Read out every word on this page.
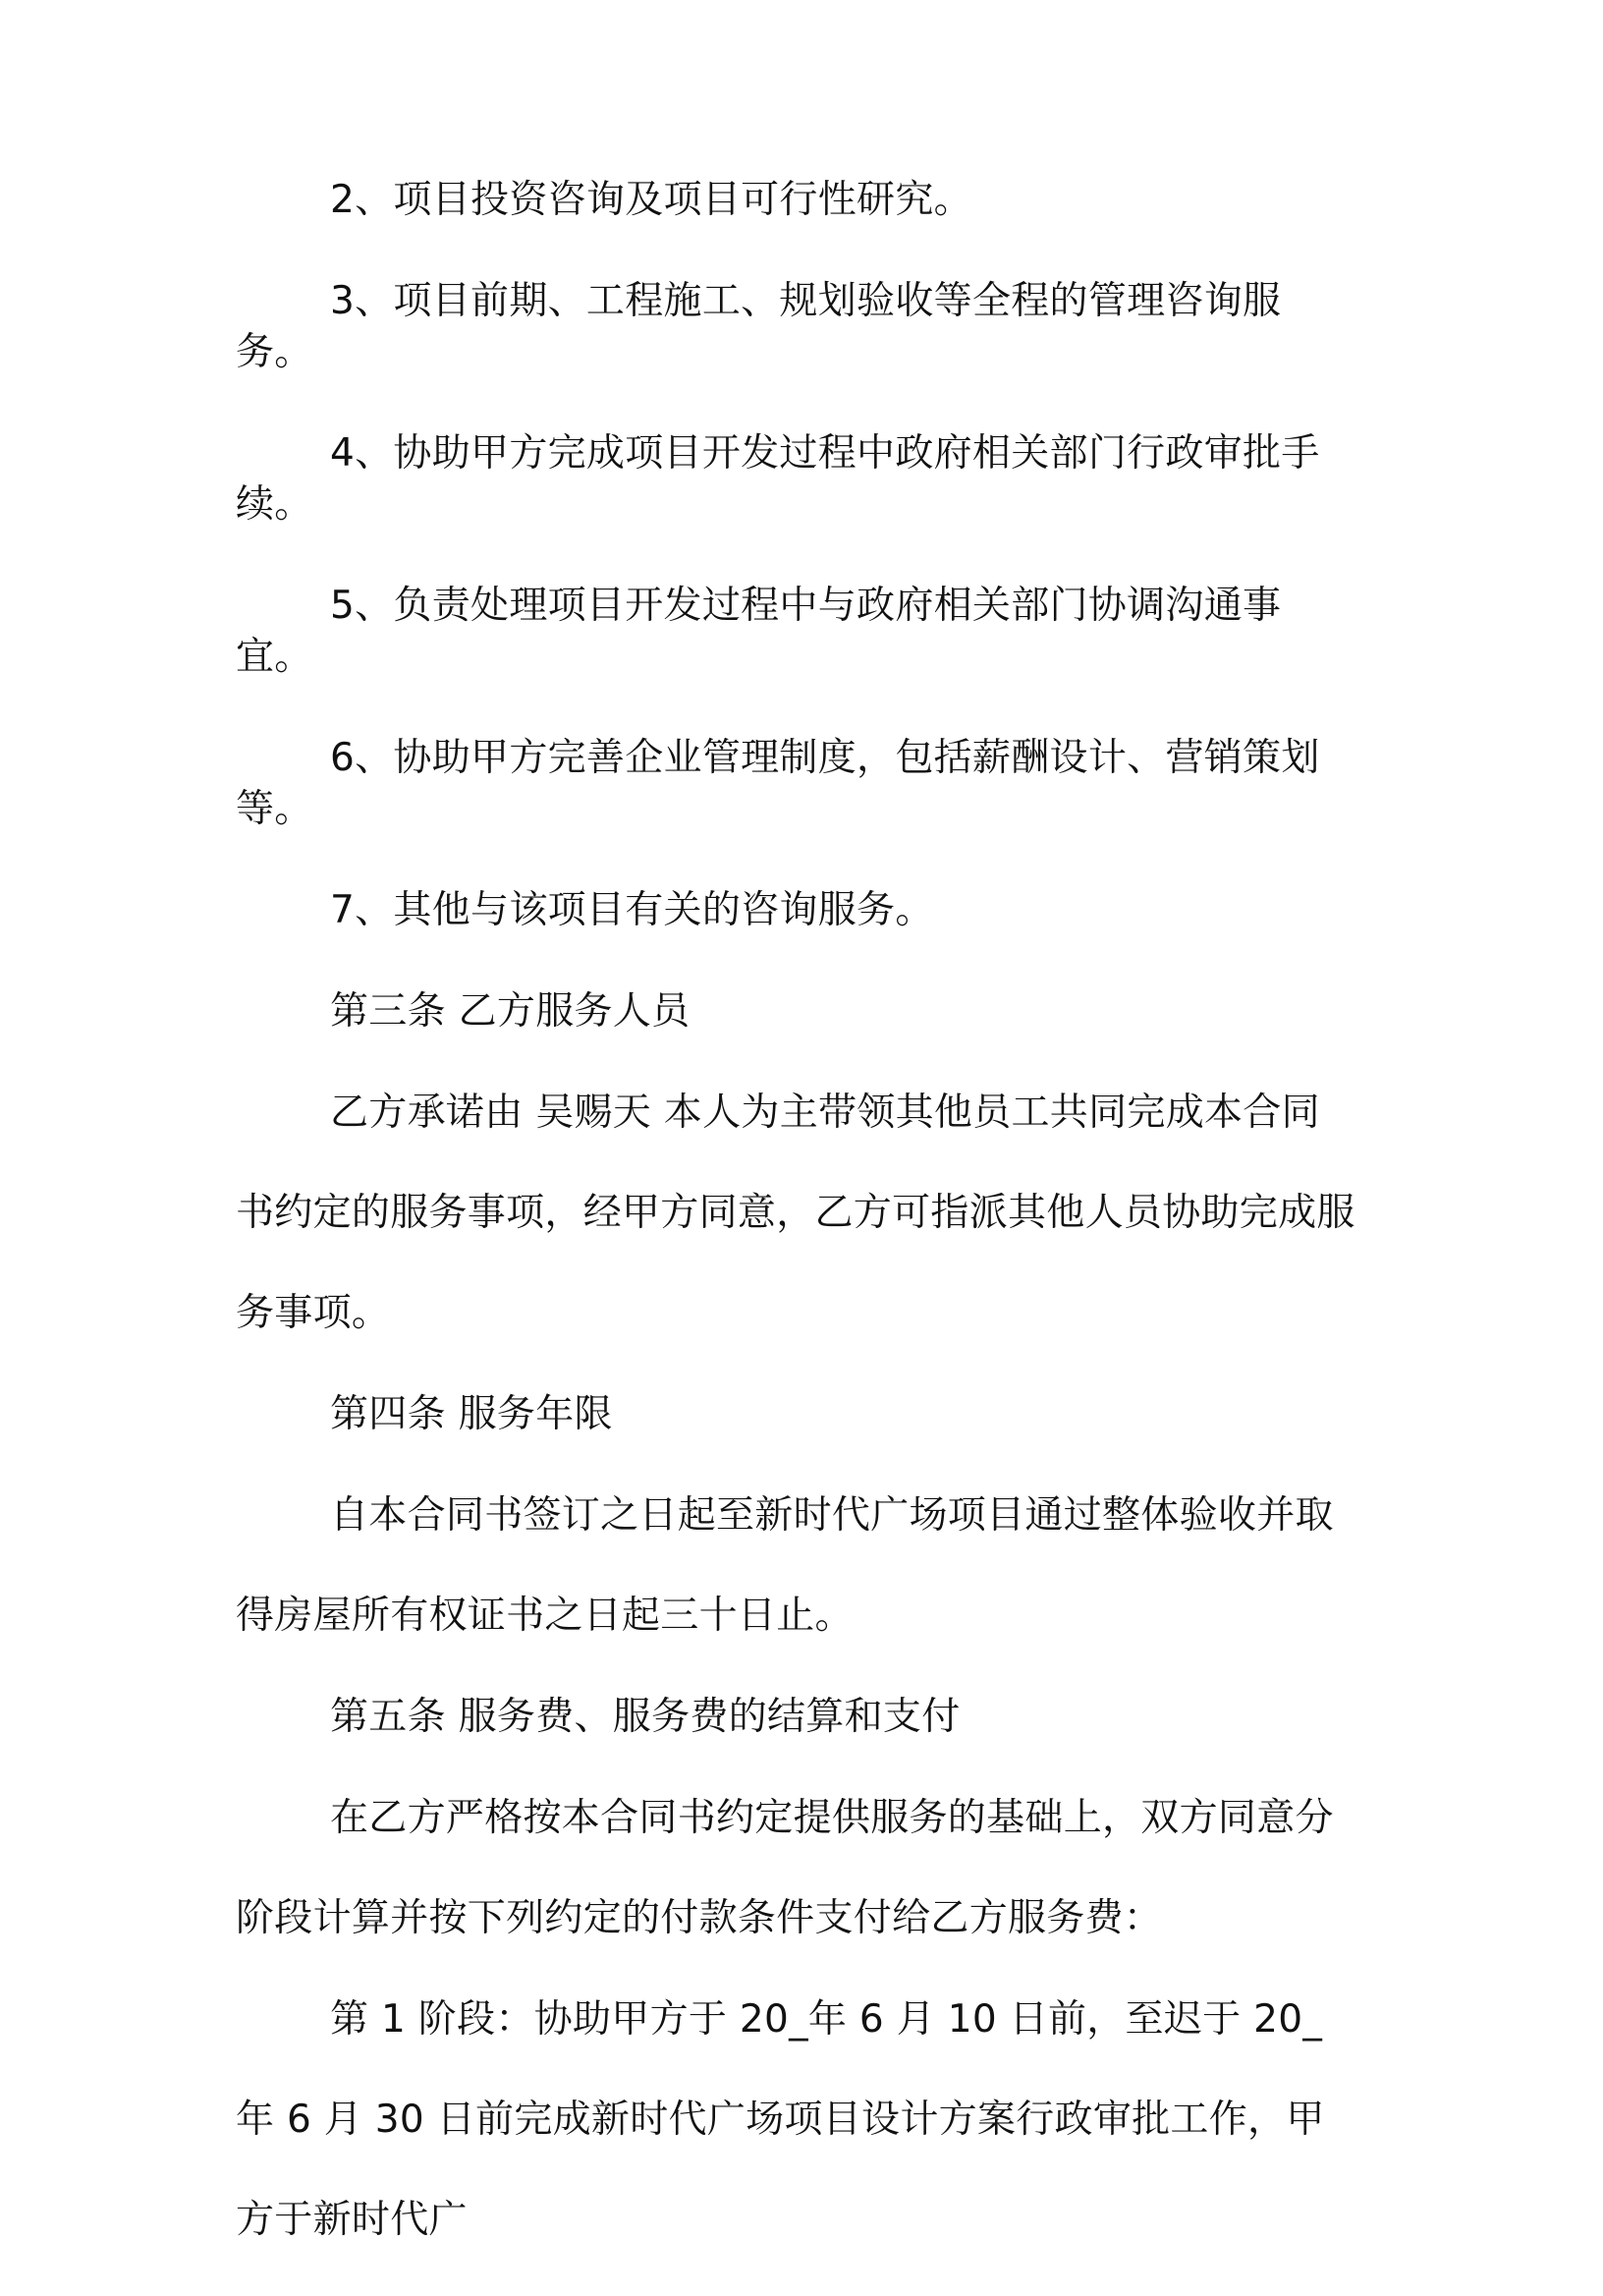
2、项目投资咨询及项目可行性研究。

3、项目前期、工程施工、规划验收等全程的管理咨询服务。

4、协助甲方完成项目开发过程中政府相关部门行政审批手续。

5、负责处理项目开发过程中与政府相关部门协调沟通事宜。

6、协助甲方完善企业管理制度，包括薪酬设计、营销策划等。

7、其他与该项目有关的咨询服务。

第三条 乙方服务人员

乙方承诺由 吴赐天 本人为主带领其他员工共同完成本合同书约定的服务事项，经甲方同意，乙方可指派其他人员协助完成服务事项。

第四条 服务年限

自本合同书签订之日起至新时代广场项目通过整体验收并取得房屋所有权证书之日起三十日止。

第五条 服务费、服务费的结算和支付

在乙方严格按本合同书约定提供服务的基础上，双方同意分阶段计算并按下列约定的付款条件支付给乙方服务费：

第 1 阶段：协助甲方于 20_年 6 月 10 日前，至迟于 20_年 6 月 30 日前完成新时代广场项目设计方案行政审批工作，甲方于新时代广
